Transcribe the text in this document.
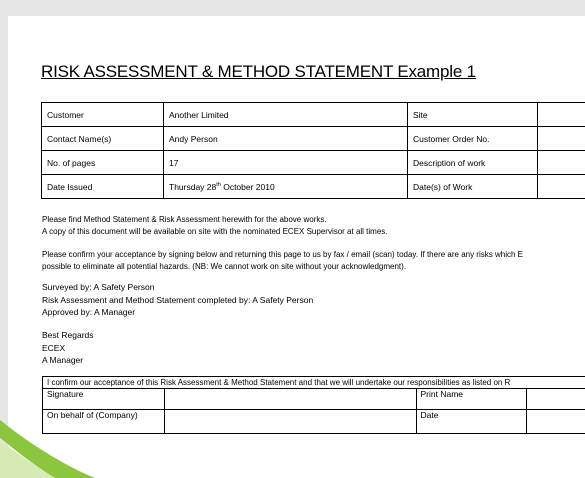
RISK ASSESSMENT & METHOD STATEMENT Example 1
Customer	Another Limited	Site	
Contact Name(s)	Andy Person	Customer Order No.	
No. of pages	17	Description of work	
Date Issued	Thursday 28th October 2010	Date(s) of Work	
Please find Method Statement & Risk Assessment herewith for the above works.
A copy of this document will be available on site with the nominated ECEX Supervisor at all times.
Please confirm your acceptance by signing below and returning this page to us by fax / email (scan) today. If there are any risks which E
possible to eliminate all potential hazards. (NB: We cannot work on site without your acknowledgment).
Surveyed by: A Safety Person
Risk Assessment and Method Statement completed by: A Safety Person
Approved by: A Manager
Best Regards
ECEX
A Manager
I confirm our acceptance of this Risk Assessment & Method Statement and that we will undertake our responsibilities as listed on R
Signature		Print Name	
On behalf of (Company)		Date	
